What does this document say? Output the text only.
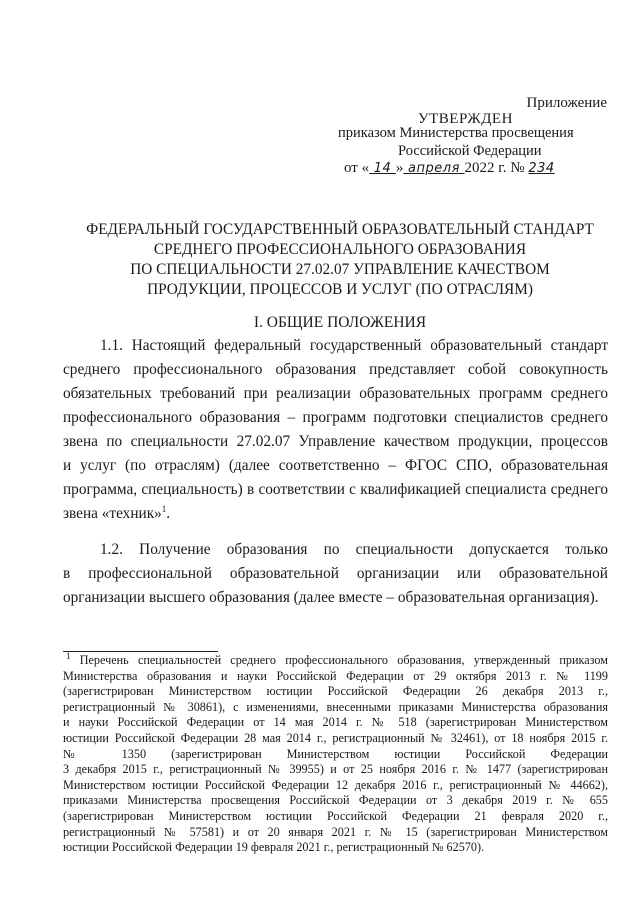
Приложение
УТВЕРЖДЕН
приказом Министерства просвещения
Российской Федерации
от « 14 » апреля 2022 г. № 234
ФЕДЕРАЛЬНЫЙ ГОСУДАРСТВЕННЫЙ ОБРАЗОВАТЕЛЬНЫЙ СТАНДАРТ
СРЕДНЕГО ПРОФЕССИОНАЛЬНОГО ОБРАЗОВАНИЯ
ПО СПЕЦИАЛЬНОСТИ 27.02.07 УПРАВЛЕНИЕ КАЧЕСТВОМ
ПРОДУКЦИИ, ПРОЦЕССОВ И УСЛУГ (ПО ОТРАСЛЯМ)
I. ОБЩИЕ ПОЛОЖЕНИЯ
1.1. Настоящий федеральный государственный образовательный стандарт
среднего профессионального образования представляет собой совокупность
обязательных требований при реализации образовательных программ среднего
профессионального образования – программ подготовки специалистов среднего
звена по специальности 27.02.07 Управление качеством продукции, процессов
и услуг (по отраслям) (далее соответственно – ФГОС СПО, образовательная
программа, специальность) в соответствии с квалификацией специалиста среднего
звена «техник»$^1$.
1.2. Получение образования по специальности допускается только
в профессиональной образовательной организации или образовательной
организации высшего образования (далее вместе – образовательная организация).
$^1$ Перечень специальностей среднего профессионального образования, утвержденный приказом
Министерства образования и науки Российской Федерации от 29 октября 2013 г. № 1199
(зарегистрирован Министерством юстиции Российской Федерации 26 декабря 2013 г.,
регистрационный № 30861), с изменениями, внесенными приказами Министерства образования
и науки Российской Федерации от 14 мая 2014 г. № 518 (зарегистрирован Министерством
юстиции Российской Федерации 28 мая 2014 г., регистрационный № 32461), от 18 ноября 2015 г.
№ 1350 (зарегистрирован Министерством юстиции Российской Федерации
3 декабря 2015 г., регистрационный № 39955) и от 25 ноября 2016 г. № 1477 (зарегистрирован
Министерством юстиции Российской Федерации 12 декабря 2016 г., регистрационный № 44662),
приказами Министерства просвещения Российской Федерации от 3 декабря 2019 г. № 655
(зарегистрирован Министерством юстиции Российской Федерации 21 февраля 2020 г.,
регистрационный № 57581) и от 20 января 2021 г. № 15 (зарегистрирован Министерством
юстиции Российской Федерации 19 февраля 2021 г., регистрационный № 62570).
